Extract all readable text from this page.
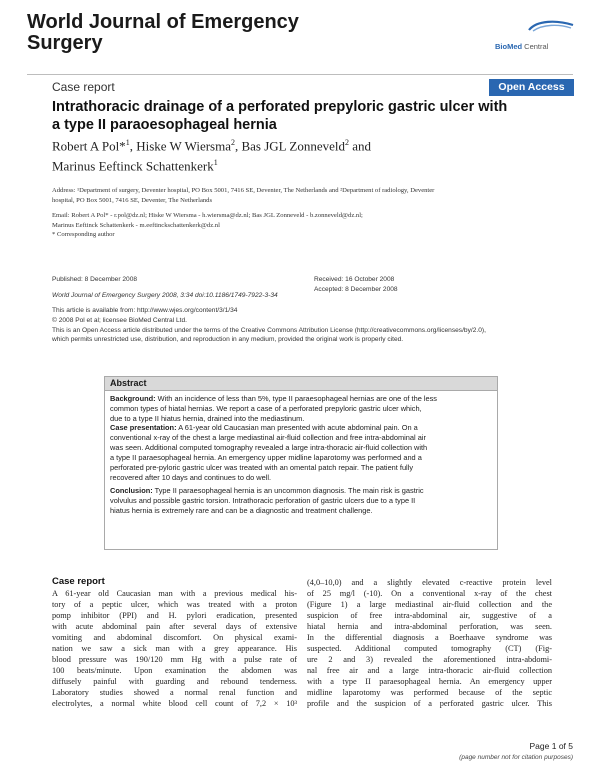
World Journal of Emergency
Surgery	BioMed Central
Case report	Open Access
Intrathoracic drainage of a perforated prepyloric gastric ulcer with
a type II paraoesophageal hernia
Robert A Pol*$^1$, Hiske W Wiersma$^2$, Bas JGL Zonneveld$^2$ and
Marinus Eeftinck Schattenkerk$^1$
Address: ¹Department of surgery, Deventer hospital, PO Box 5001, 7416 SE, Deventer, The Netherlands and ²Department of radiology, Deventer
hospital, PO Box 5001, 7416 SE, Deventer, The Netherlands
Email: Robert A Pol* - r.pol@dz.nl; Hiske W Wiersma - h.wiersma@dz.nl; Bas JGL Zonneveld - b.zonneveld@dz.nl;
Marinus Eeftinck Schattenkerk - m.eeftinckschattenkerk@dz.nl
* Corresponding author
Published: 8 December 2008
World Journal of Emergency Surgery 2008, 3:34 doi:10.1186/1749-7922-3-34
This article is available from: http://www.wjes.org/content/3/1/34
Received: 16 October 2008
Accepted: 8 December 2008
© 2008 Pol et al; licensee BioMed Central Ltd.
This is an Open Access article distributed under the terms of the Creative Commons Attribution License (http://creativecommons.org/licenses/by/2.0),
which permits unrestricted use, distribution, and reproduction in any medium, provided the original work is properly cited.
Abstract
Background: With an incidence of less than 5%, type II paraesophageal hernias are one of the less
common types of hiatal hernias. We report a case of a perforated prepyloric gastric ulcer which,
due to a type II hiatus hernia, drained into the mediastinum.
Case presentation: A 61-year old Caucasian man presented with acute abdominal pain. On a
conventional x-ray of the chest a large mediastinal air-fluid collection and free intra-abdominal air
was seen. Additional computed tomography revealed a large intra-thoracic air-fluid collection with
a type II paraesophageal hernia. An emergency upper midline laparotomy was performed and a
perforated pre-pyloric gastric ulcer was treated with an omental patch repair. The patient fully
recovered after 10 days and continues to do well.
Conclusion: Type II paraesophageal hernia is an uncommon diagnosis. The main risk is gastric
volvulus and possible gastric torsion. Intrathoracic perforation of gastric ulcers due to a type II
hiatus hernia is extremely rare and can be a diagnostic and treatment challenge.
Case report
A 61-year old Caucasian man with a previous medical his-
tory of a peptic ulcer, which was treated with a proton
pomp inhibitor (PPI) and H. pylori eradication, presented
with acute abdominal pain after several days of extensive
vomiting and abdominal discomfort. On physical exami-
nation we saw a sick man with a grey appearance. His
blood pressure was 190/120 mm Hg with a pulse rate of
100 beats/minute. Upon examination the abdomen was
diffusely painful with guarding and rebound tenderness.
Laboratory studies showed a normal renal function and
electrolytes, a normal white blood cell count of 7,2 × 10³
(4,0–10,0) and a slightly elevated c-reactive protein level
of 25 mg/l (-10). On a conventional x-ray of the chest
(Figure 1) a large mediastinal air-fluid collection and the
suspicion of free intra-abdominal air, suggestive of a
hiatal hernia and intra-abdominal perforation, was seen.
In the differential diagnosis a Boerhaave syndrome was
suspected. Additional computed tomography (CT) (Fig-
ure 2 and 3) revealed the aforementioned intra-abdomi-
nal free air and a large intra-thoracic air-fluid collection
with a type II paraesophageal hernia. An emergency upper
midline laparotomy was performed because of the septic
profile and the suspicion of a perforated gastric ulcer. This
Page 1 of 5
(page number not for citation purposes)
